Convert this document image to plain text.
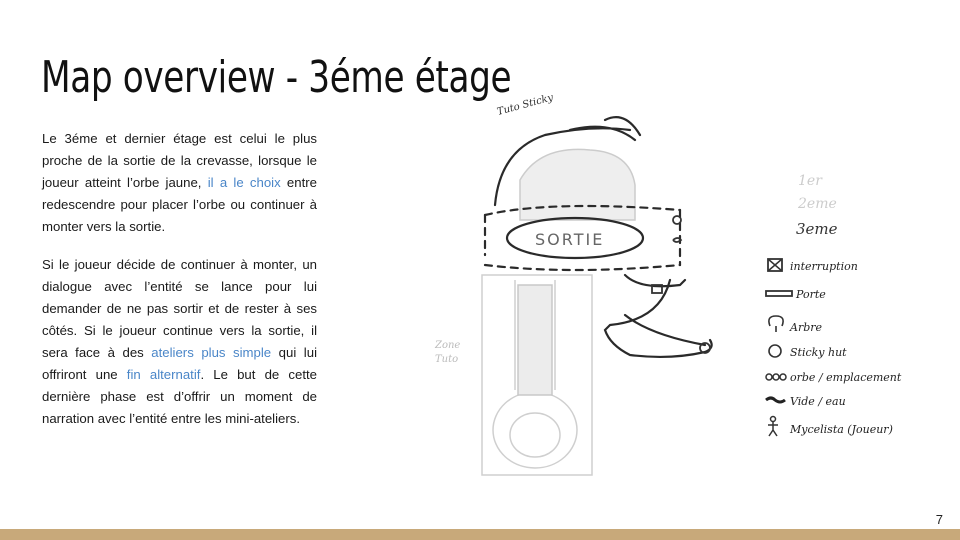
Map overview - 3éme étage

Le 3éme et dernier étage est celui le plus proche de la sortie de la crevasse, lorsque le joueur atteint l’orbe jaune, il a le choix entre redescendre pour placer l’orbe ou continuer à monter vers la sortie.

Si le joueur décide de continuer à monter, un dialogue avec l’entité se lance pour lui demander de ne pas sortir et de rester à ses côtés. Si le joueur continue vers la sortie, il sera face à des ateliers plus simple qui lui offriront une fin alternatif. Le but de cette dernière phase est d’offrir un moment de narration avec l’entité entre les mini-ateliers.

SORTIE
Tuto Sticky
Zone
Tuto
1er
2eme
3eme
interruption
Porte
Arbre
Sticky hut
orbe / emplacement
Vide / eau
Mycelista (Joueur)
7
